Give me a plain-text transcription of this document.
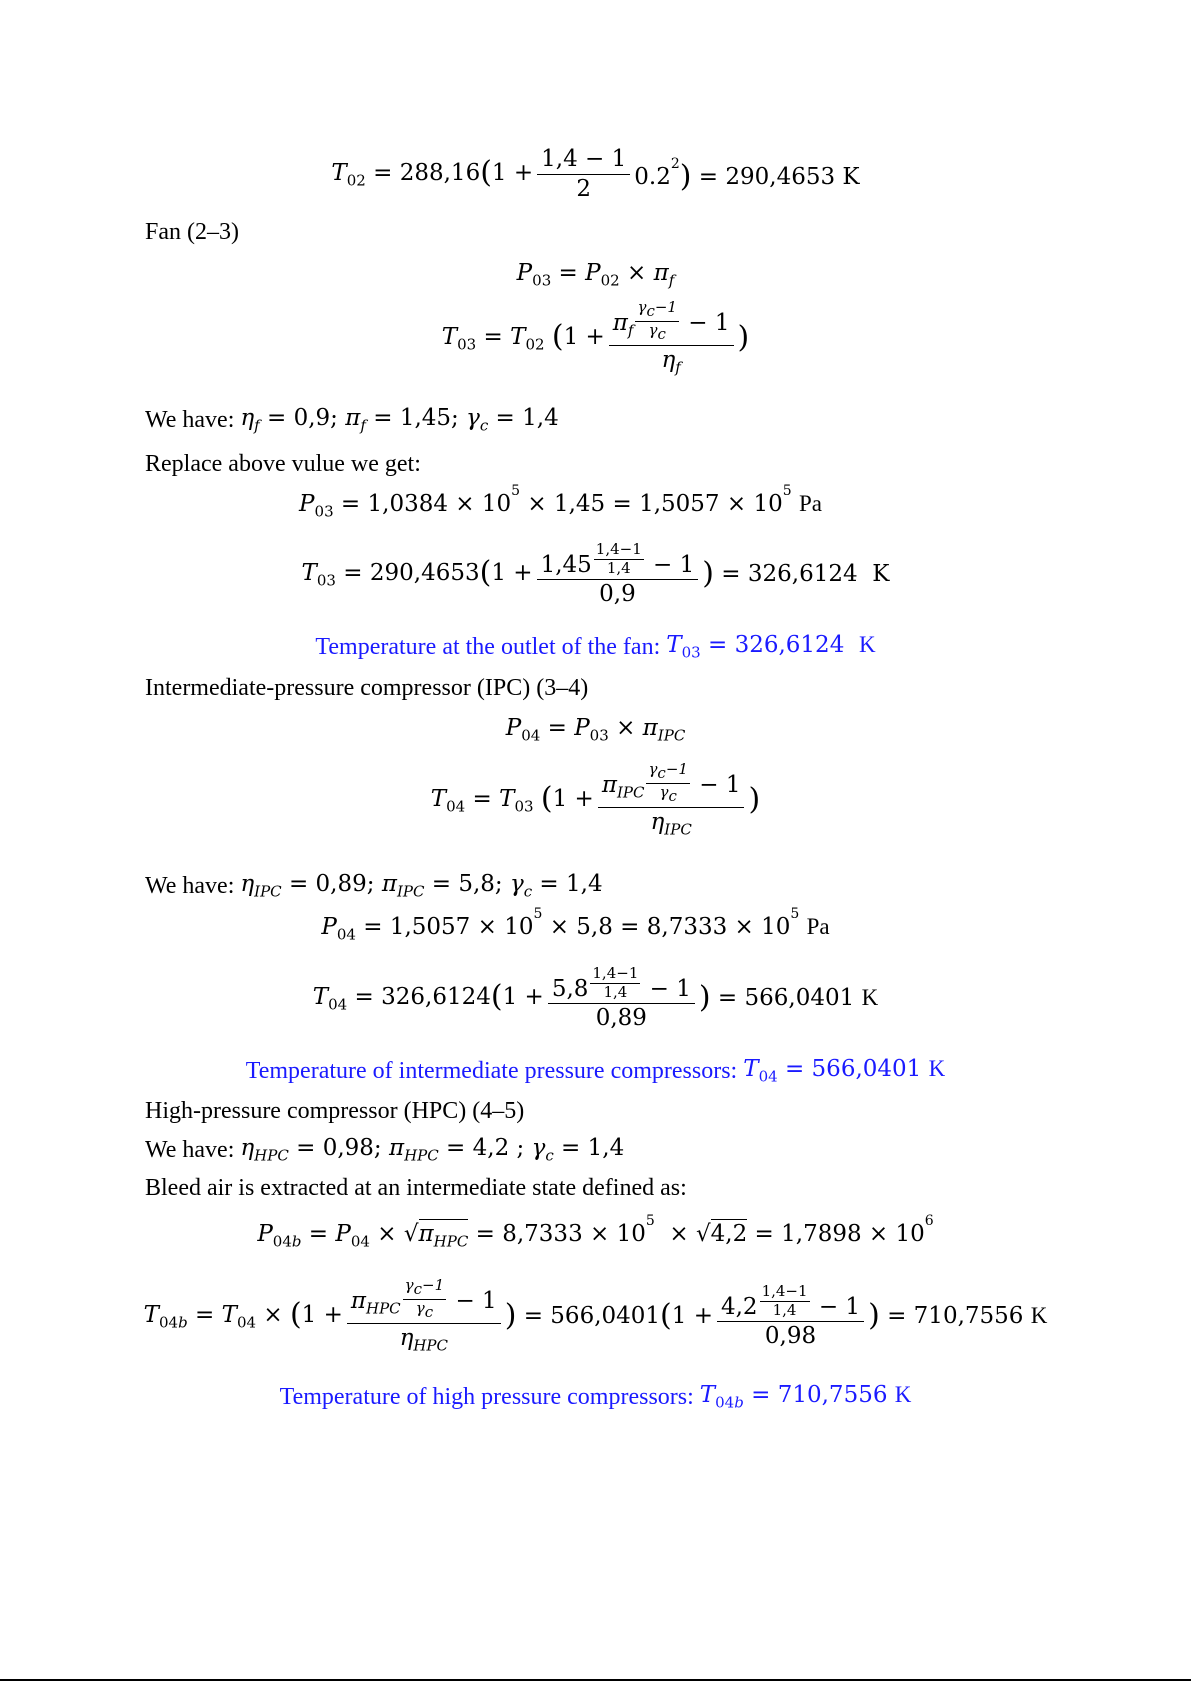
$T_{02} = 288,16(1 + \frac{1,4 - 1}{2} 0.2^2) = 290,4653$ K
Fan (2–3)
$P_{03} = P_{02} \times \pi_f$
$T_{03} = T_{02}$ ($1 + \frac{\pi_f \frac{\gamma_c-1}{\gamma_c} - 1}{\eta_f}$ )
We have:
$\eta_f = 0,9$; $\pi_f = 1,45$; $\gamma_c = 1,4$
Replace above vulue we get:
$P_{03} = 1,0384 \times 10^5 \times 1,45 = 1,5057 \times 10^5$ Pa
$T_{03} = 290,4653(1 + \frac{1,45 \frac{1,4-1}{1,4} - 1}{0,9}$ ) = 326,6124  K
Temperature at the outlet of the fan:
$T_{03} = 326,6124$  K
Intermediate-pressure compressor (IPC) (3–4)
$P_{04} = P_{03} \times \pi_{IPC}$
$T_{04} = T_{03}$ ($1 + \frac{\pi_{IPC} \frac{\gamma_c-1}{\gamma_c} - 1}{\eta_{IPC}}$ )
We have:
$\eta_{IPC} = 0,89$; $\pi_{IPC} = 5,8$; $\gamma_c = 1,4$
$P_{04} = 1,5057 \times 10^5 \times 5,8 = 8,7333 \times 10^5$ Pa
$T_{04} = 326,6124(1 + \frac{5,8 \frac{1,4-1}{1,4} - 1}{0,89}$ ) = 566,0401 K
Temperature of intermediate pressure compressors:
$T_{04} = 566,0401$ K
High-pressure compressor (HPC) (4–5)
We have:
$\eta_{HPC} = 0,98$; $\pi_{HPC} = 4,2$ ; $\gamma_c = 1,4$
Bleed air is extracted at an intermediate state defined as:
$P_{04b} = P_{04} \times √\pi_{HPC} = 8,7333 \times 10^5 \times √4,2 = 1,7898 \times 10^6$
$T_{04b} = T_{04} \times (1 + \frac{\pi_{HPC} \frac{\gamma_c-1}{\gamma_c} - 1}{\eta_{HPC}}$ ) = $566,0401(1 + \frac{4,2 \frac{1,4-1}{1,4} - 1}{0,98}$ ) = 710,7556 K
Temperature of high pressure compressors:
$T_{04b} = 710,7556$ K
